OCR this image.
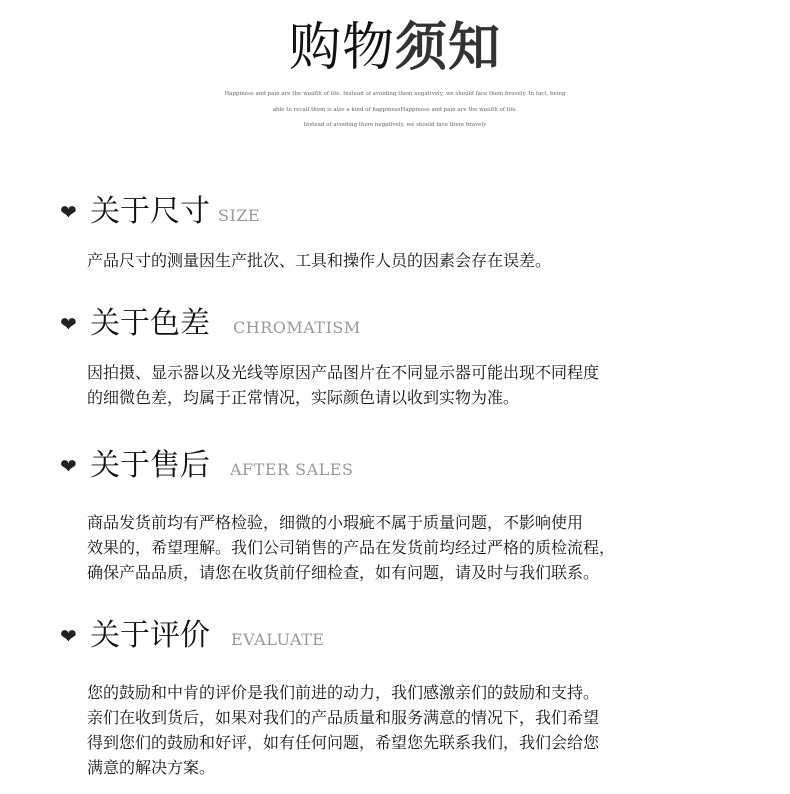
购物须知
Happiness and pain are the wealth of life. Instead of avoiding them negatively, we should face them bravely. In fact, being
able to recall them is also a kind of happinessHappiness and pain are the wealth of life.
Instead of avoiding them negatively, we should face them bravely
❤ 关于尺寸 SIZE
产品尺寸的测量因生产批次、工具和操作人员的因素会存在误差。
❤ 关于色差 CHROMATISM
因拍摄、显示器以及光线等原因产品图片在不同显示器可能出现不同程度
的细微色差，均属于正常情况，实际颜色请以收到实物为准。
❤ 关于售后 AFTER SALES
商品发货前均有严格检验，细微的小瑕疵不属于质量问题，不影响使用
效果的，希望理解。我们公司销售的产品在发货前均经过严格的质检流程，
确保产品品质，请您在收货前仔细检查，如有问题，请及时与我们联系。
❤ 关于评价 EVALUATE
您的鼓励和中肯的评价是我们前进的动力，我们感激亲们的鼓励和支持。
亲们在收到货后，如果对我们的产品质量和服务满意的情况下，我们希望
得到您们的鼓励和好评，如有任何问题，希望您先联系我们，我们会给您
满意的解决方案。
